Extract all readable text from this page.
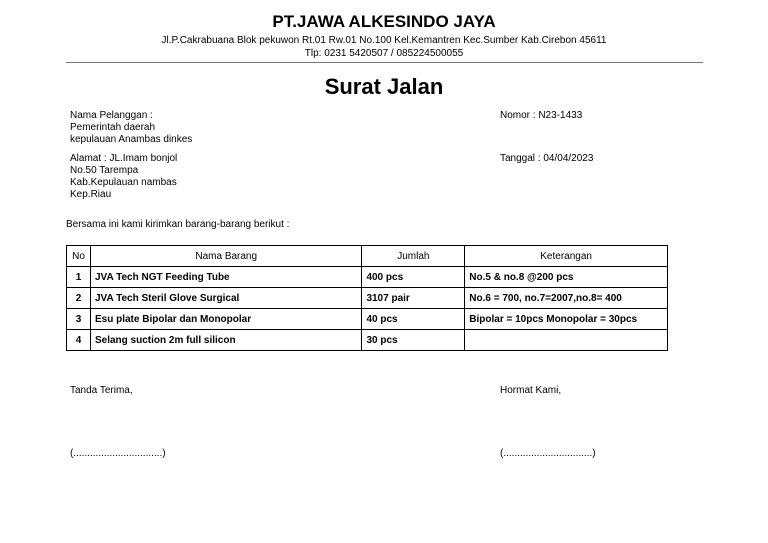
PT.JAWA ALKESINDO JAYA
Jl.P.Cakrabuana Blok pekuwon Rt.01 Rw.01 No.100 Kel.Kemantren Kec.Sumber Kab.Cirebon 45611
Tlp: 0231 5420507 / 085224500055
Surat Jalan
Nama Pelanggan :
Pemerintah daerah
kepulauan Anambas dinkes
Alamat : JL.Imam bonjol
No.50 Tarempa
Kab.Kepulauan nambas
Kep.Riau
Nomor : N23-1433
Tanggal : 04/04/2023
Bersama ini kami kirimkan barang-barang berikut :
No	Nama Barang	Jumlah	Keterangan
1	JVA Tech NGT Feeding Tube	400 pcs	No.5 & no.8 @200 pcs
2	JVA Tech Steril Glove Surgical	3107 pair	No.6 = 700, no.7=2007,no.8= 400
3	Esu plate Bipolar dan Monopolar	40 pcs	Bipolar = 10pcs Monopolar = 30pcs
4	Selang suction 2m full silicon	30 pcs	
Tanda Terima,	Hormat Kami,
(................................)	(................................)
